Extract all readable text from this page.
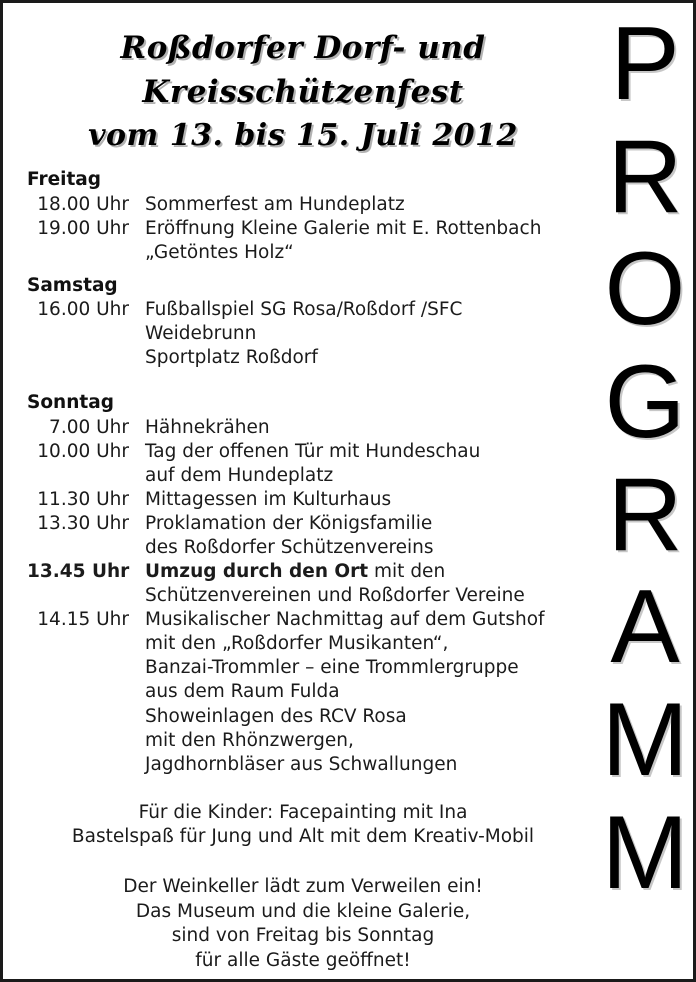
Roßdorfer Dorf- und
Kreisschützenfest
vom 13. bis 15. Juli 2012
Freitag
18.00 Uhr Sommerfest am Hundeplatz
19.00 Uhr Eröffnung Kleine Galerie mit E. Rottenbach
„Getöntes Holz“
Samstag
16.00 Uhr Fußballspiel SG Rosa/Roßdorf /SFC
Weidebrunn
Sportplatz Roßdorf
Sonntag
7.00 Uhr Hähnekrähen
10.00 Uhr Tag der offenen Tür mit Hundeschau
auf dem Hundeplatz
11.30 Uhr Mittagessen im Kulturhaus
13.30 Uhr Proklamation der Königsfamilie
des Roßdorfer Schützenvereins
13.45 Uhr Umzug durch den Ort mit den
Schützenvereinen und Roßdorfer Vereine
14.15 Uhr Musikalischer Nachmittag auf dem Gutshof
mit den „Roßdorfer Musikanten“,
Banzai-Trommler – eine Trommlergruppe
aus dem Raum Fulda
Showeinlagen des RCV Rosa
mit den Rhönzwergen,
Jagdhornbläser aus Schwallungen
Für die Kinder: Facepainting mit Ina
Bastelspaß für Jung und Alt mit dem Kreativ-Mobil
Der Weinkeller lädt zum Verweilen ein!
Das Museum und die kleine Galerie,
sind von Freitag bis Sonntag
für alle Gäste geöffnet!
P
R
O
G
R
A
M
M
